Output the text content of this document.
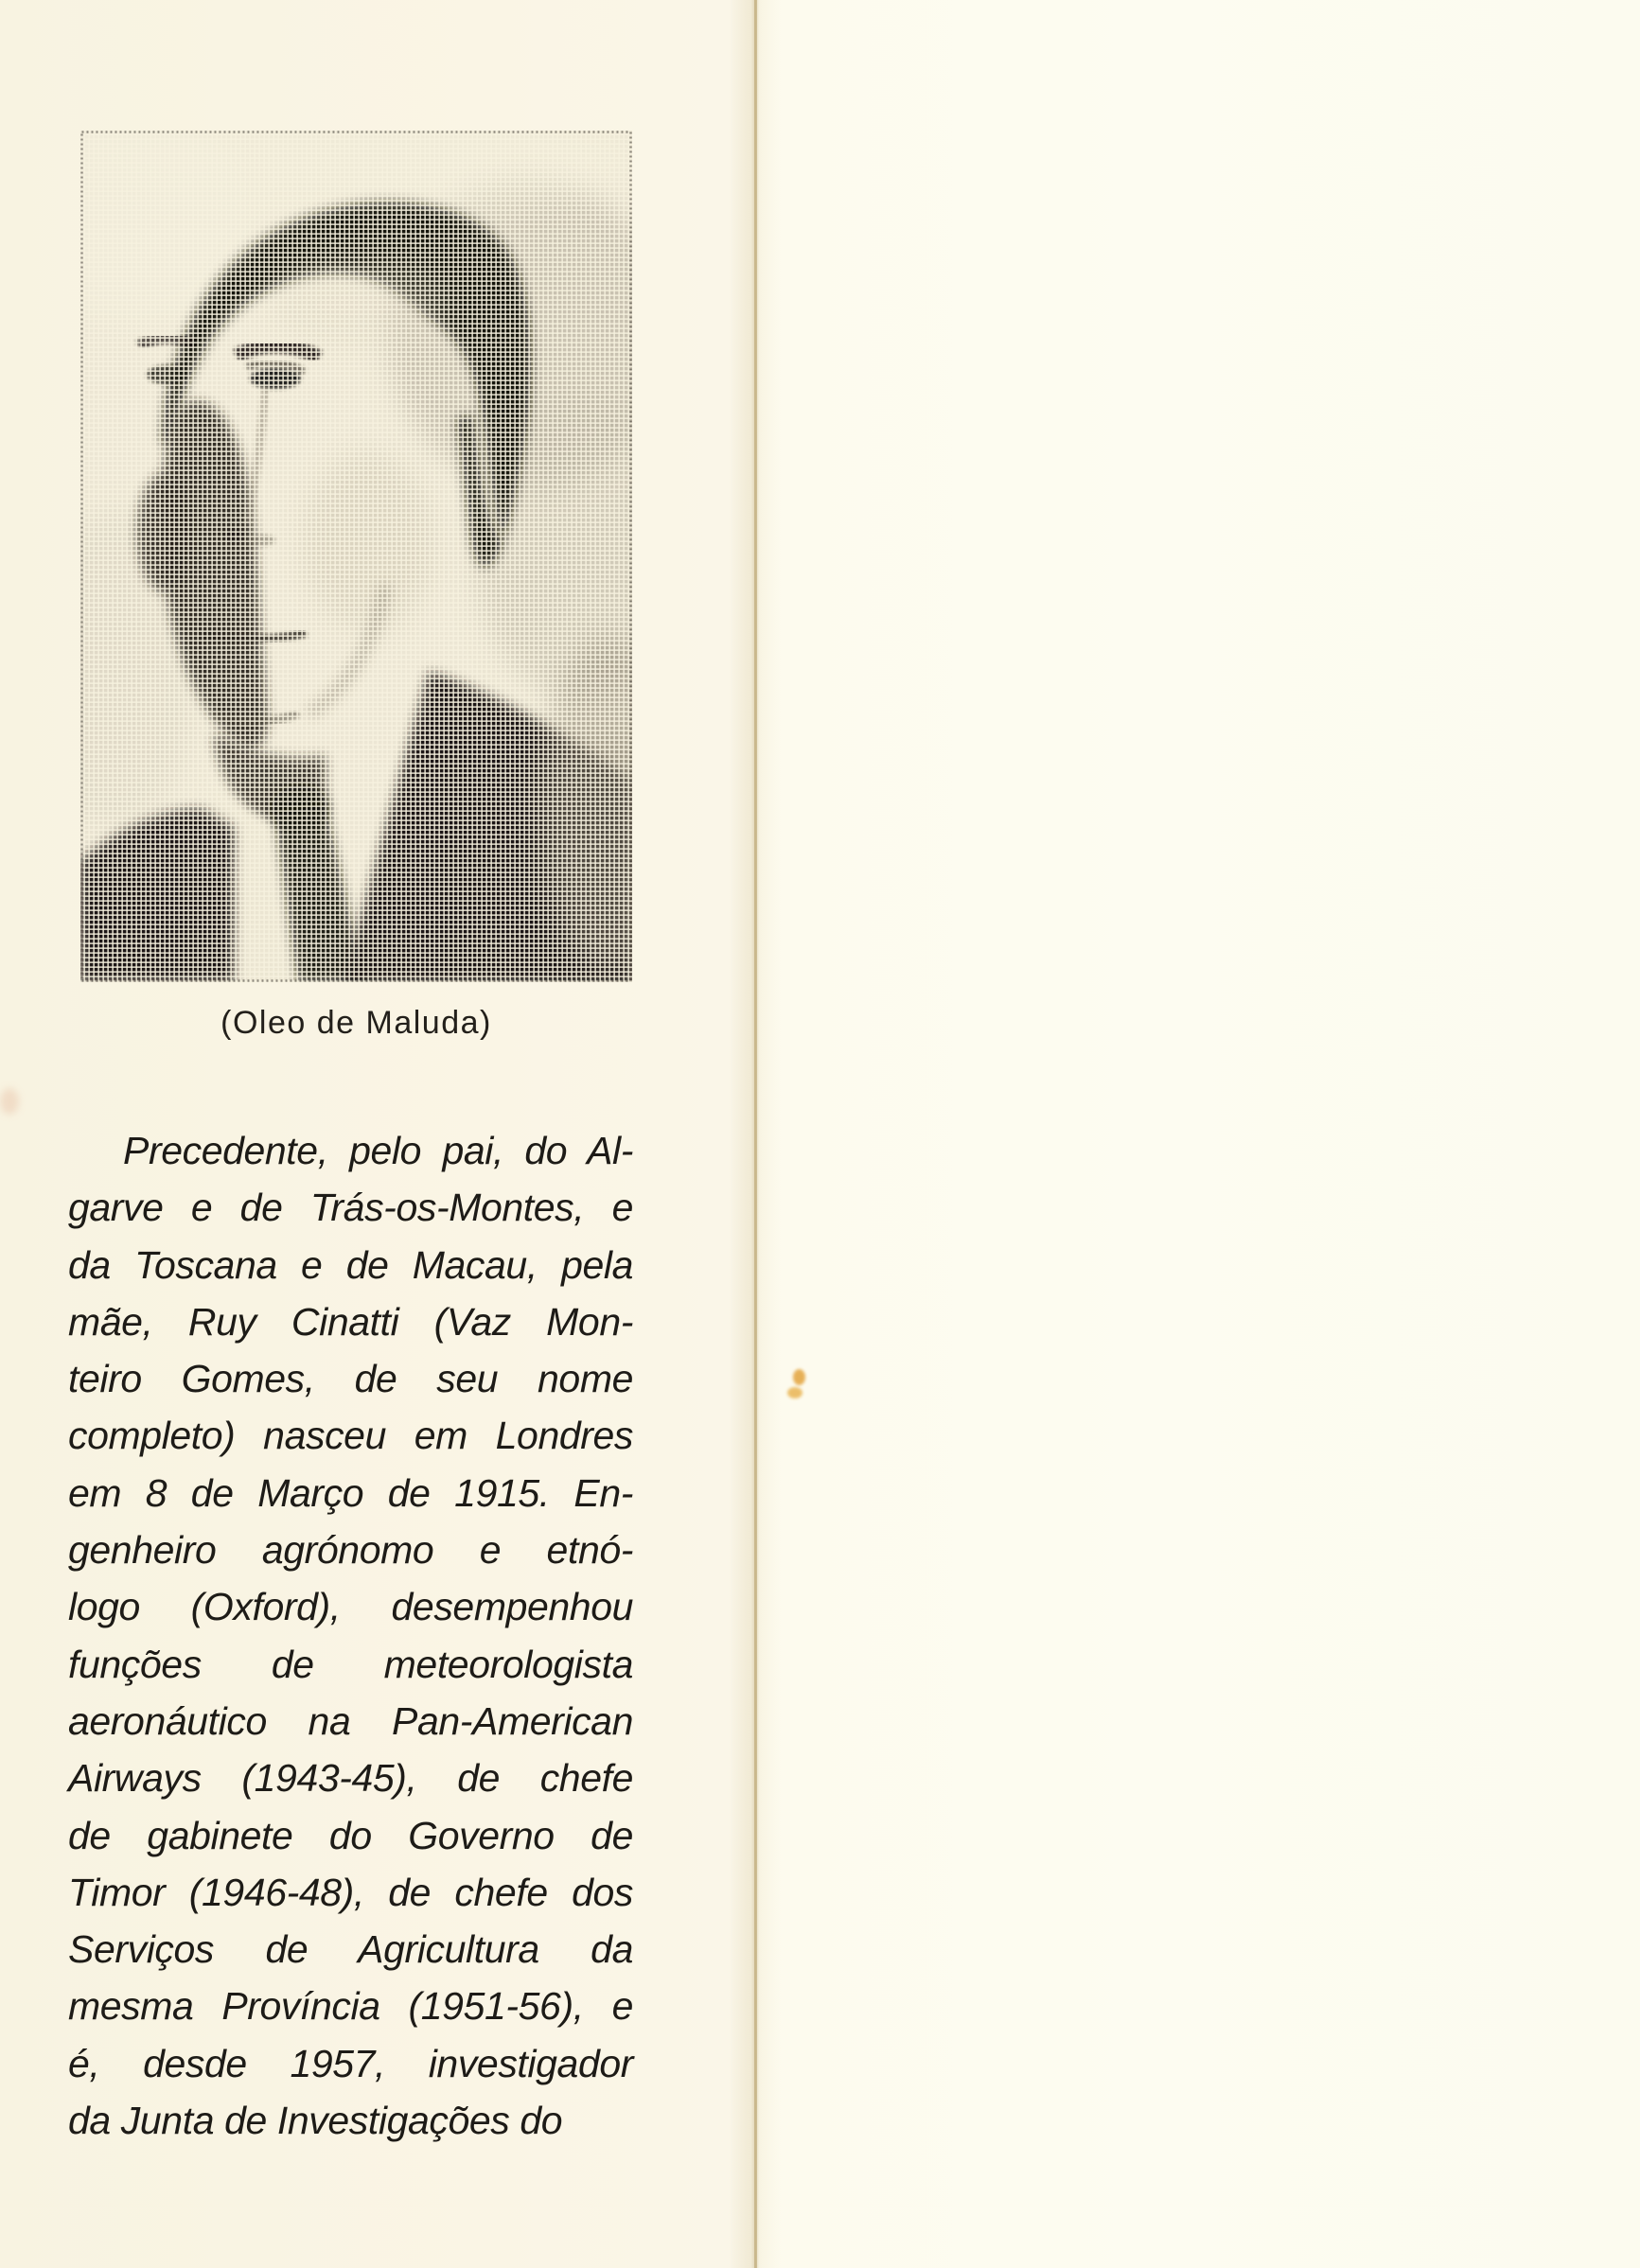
(Oleo de Maluda)
Precedente, pelo pai, do Al-
garve e de Trás-os-Montes, e
da Toscana e de Macau, pela
mãe, Ruy Cinatti (Vaz Mon-
teiro Gomes, de seu nome
completo) nasceu em Londres
em 8 de Março de 1915. En-
genheiro agrónomo e etnó-
logo (Oxford), desempenhou
funções de meteorologista
aeronáutico na Pan-American
Airways (1943-45), de chefe
de gabinete do Governo de
Timor (1946-48), de chefe dos
Serviços de Agricultura da
mesma Província (1951-56), e
é, desde 1957, investigador
da Junta de Investigações do
